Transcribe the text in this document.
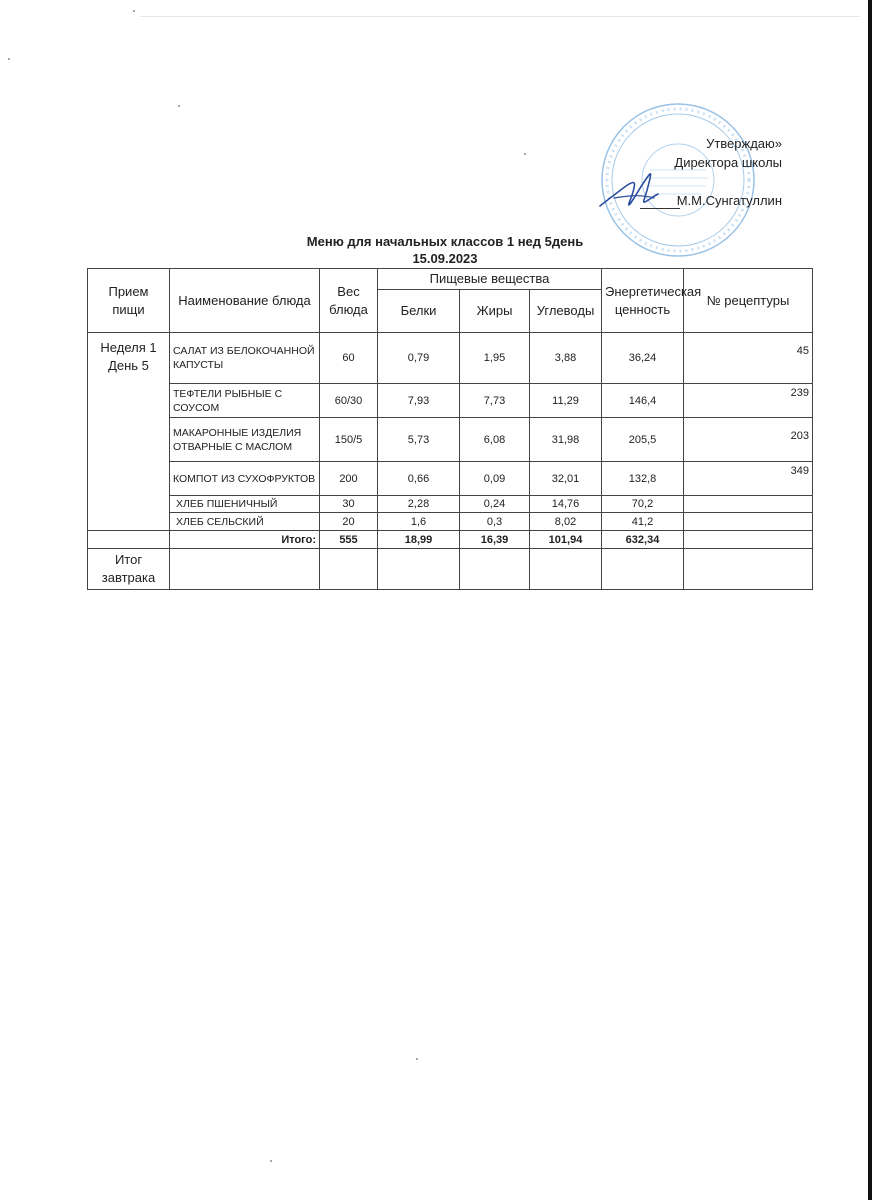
Утверждаю»
Директора школы
М.М.Сунгатуллин
Меню для начальных классов 1 нед 5день
15.09.2023
Прием пищи	Наименование блюда	Вес блюда	Пищевые вещества			Энергетическая ценность	№ рецептуры
			Белки	Жиры	Углеводы		
Неделя 1 День 5	САЛАТ ИЗ БЕЛОКОЧАННОЙ КАПУСТЫ	60	0,79	1,95	3,88	36,24	45
	ТЕФТЕЛИ РЫБНЫЕ С СОУСОМ	60/30	7,93	7,73	11,29	146,4	239
	МАКАРОННЫЕ ИЗДЕЛИЯ ОТВАРНЫЕ С МАСЛОМ	150/5	5,73	6,08	31,98	205,5	203
	КОМПОТ ИЗ СУХОФРУКТОВ	200	0,66	0,09	32,01	132,8	349
	ХЛЕБ ПШЕНИЧНЫЙ	30	2,28	0,24	14,76	70,2	
	ХЛЕБ СЕЛЬСКИЙ	20	1,6	0,3	8,02	41,2	
	Итого:	555	18,99	16,39	101,94	632,34	
Итог завтрака							
